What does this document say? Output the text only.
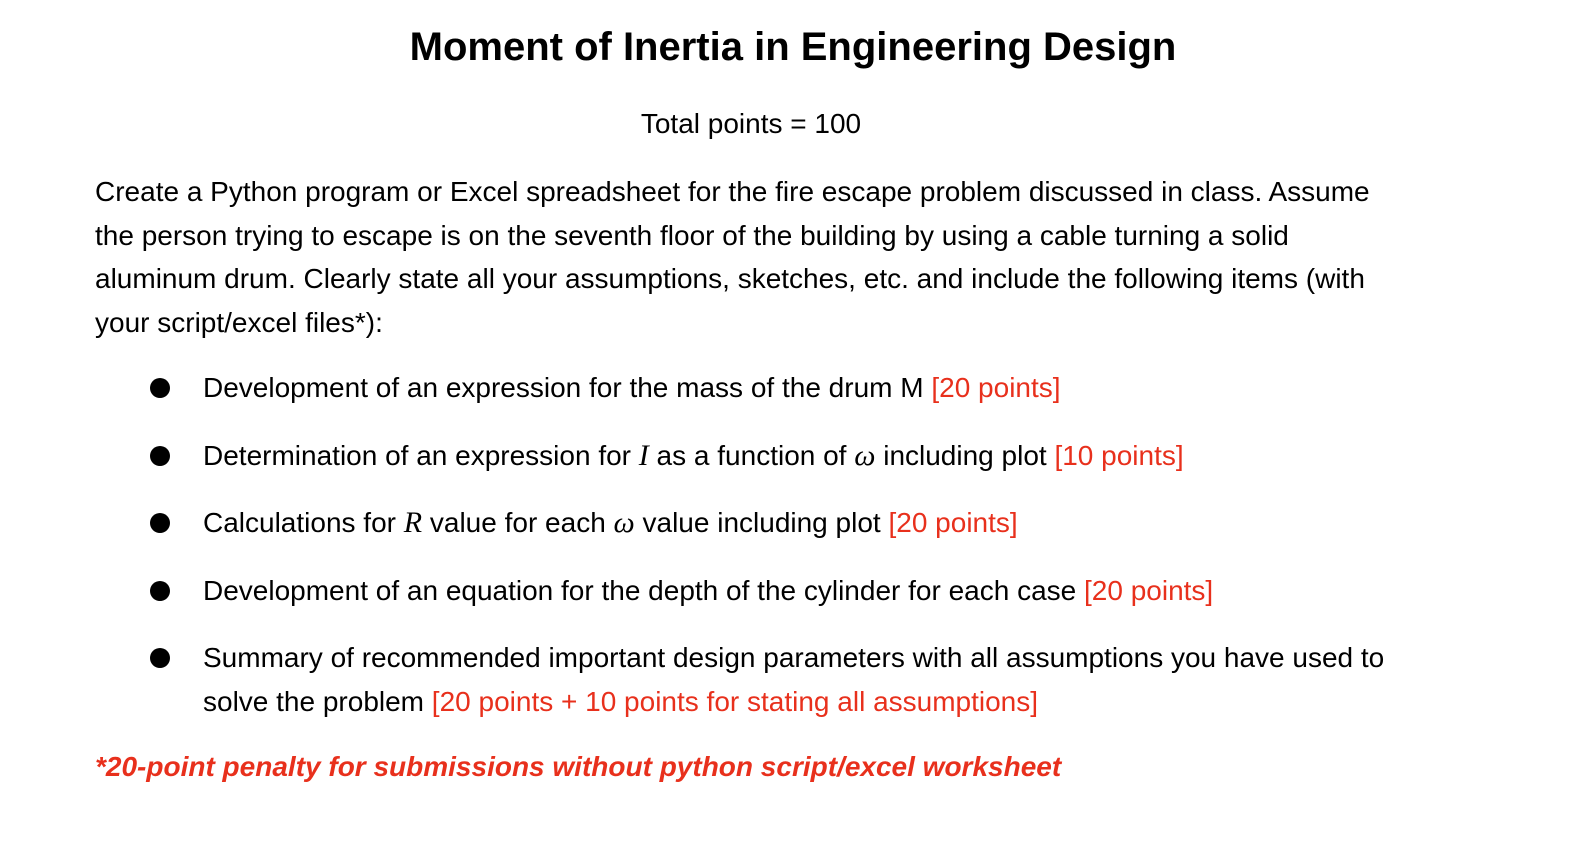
Moment of Inertia in Engineering Design
Total points = 100
Create a Python program or Excel spreadsheet for the fire escape problem discussed in class. Assume
the person trying to escape is on the seventh floor of the building by using a cable turning a solid
aluminum drum. Clearly state all your assumptions, sketches, etc. and include the following items (with
your script/excel files*):
Development of an expression for the mass of the drum M [20 points]
Determination of an expression for I as a function of ω including plot [10 points]
Calculations for R value for each ω value including plot [20 points]
Development of an equation for the depth of the cylinder for each case [20 points]
Summary of recommended important design parameters with all assumptions you have used to
solve the problem [20 points + 10 points for stating all assumptions]
*20-point penalty for submissions without python script/excel worksheet
